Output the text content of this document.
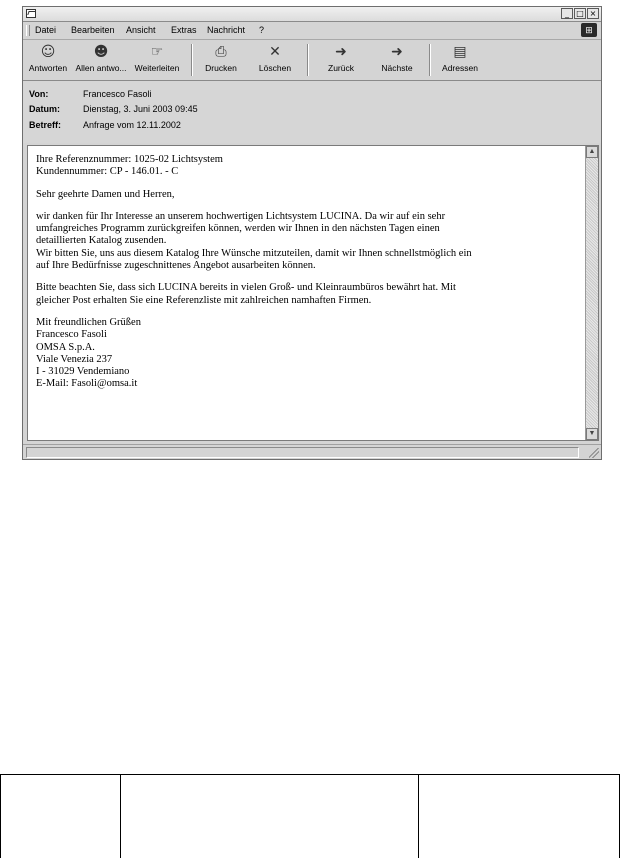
_ □ ×
Datei Bearbeiten Ansicht Extras Nachricht ?	⊞
☺
Antworten
☻
Allen antwo...
☞
Weiterleiten
⎙
Drucken
✕
Löschen
➜
Zurück
➜
Nächste
▤
Adressen
Von:	Francesco Fasoli
Datum:	Dienstag, 3. Juni 2003 09:45
Betreff: Anfrage vom 12.11.2002

Ihre Referenznummer: 1025-02 Lichtsystem

Kundennummer: CP - 146.01. - C

Sehr geehrte Damen und Herren,

wir danken für Ihr Interesse an unserem hochwertigen Lichtsystem LUCINA. Da wir auf ein sehr

umfangreiches Programm zurückgreifen können, werden wir Ihnen in den nächsten Tagen einen

detaillierten Katalog zusenden.

Wir bitten Sie, uns aus diesem Katalog Ihre Wünsche mitzuteilen, damit wir Ihnen schnellstmöglich ein

auf Ihre Bedürfnisse zugeschnittenes Angebot ausarbeiten können.

Bitte beachten Sie, dass sich LUCINA bereits in vielen Groß- und Kleinraumbüros bewährt hat. Mit

gleicher Post erhalten Sie eine Referenzliste mit zahlreichen namhaften Firmen.

Mit freundlichen Grüßen

Francesco Fasoli

OMSA S.p.A.

Viale Venezia 237

I - 31029 Vendemiano

E-Mail: Fasoli@omsa.it

▲
▼
